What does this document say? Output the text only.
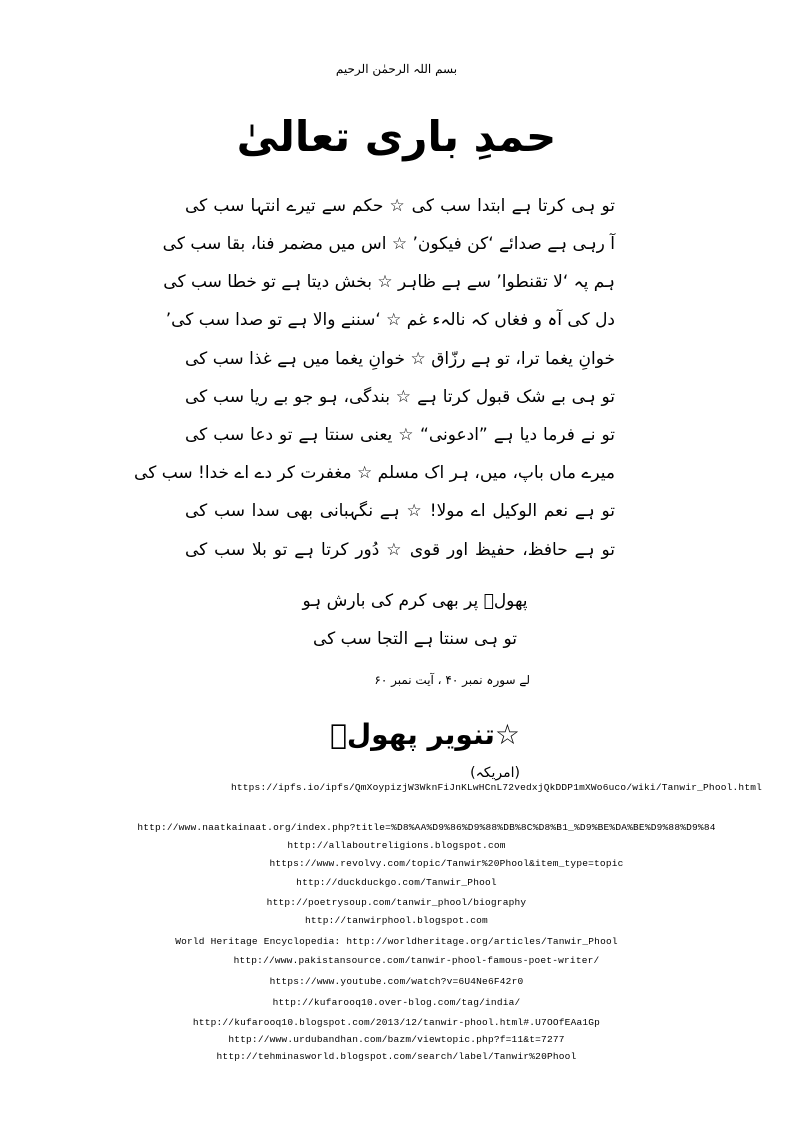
بسم اللہ الرحمٰن الرحیم
حمدِ باری تعالیٰ
تو ہی کرتا ہے ابتدا سب کی ☆ حکم سے تیرے انتہا سب کی
آ رہی ہے صدائے ‘کن فیکون’ ☆ اس میں مضمر فنا، بقا سب کی
ہم پہ ‘لا تقنطوا’ سے ہے ظاہر ☆ بخش دیتا ہے تو خطا سب کی
دل کی آہ و فغاں کہ نالہء غم ☆ ‘سننے والا ہے تو صدا سب کی’
خوانِ یغما ترا، تو ہے رزّاق ☆ خوانِ یغما میں ہے غذا سب کی
تو ہی بے شک قبول کرتا ہے ☆ بندگی، ہو جو بے ریا سب کی
تو نے فرما دیا ہے ”ادعونی“ ☆ یعنی سنتا ہے تو دعا سب کی
میرے ماں باپ، میں، ہر اک مسلم ☆ مغفرت کر دے اے خدا! سب کی
تو ہے نعم الوکیل اے مولا! ☆ ہے نگہبانی بھی سدا سب کی
تو ہے حافظ، حفیظ اور قوی ☆ دُور کرتا ہے تو بلا سب کی
پھولؔ پر بھی کرم کی بارش ہو
تو ہی سنتا ہے التجا سب کی
لے سورہ نمبر ۴۰ ، آیت نمبر ۶۰
☆تنویر پھولؔ (امریکہ)
https://ipfs.io/ipfs/QmXoypizjW3WknFiJnKLwHCnL72vedxjQkDDP1mXWo6uco/wiki/Tanwir_Phool.html
http://www.naatkainaat.org/index.php?title=%D8%AA%D9%86%D9%88%DB%8C%D8%B1_%D9%BE%DA%BE%D9%88%D9%84
http://allaboutreligions.blogspot.com
https://www.revolvy.com/topic/Tanwir%20Phool&item_type=topic
http://duckduckgo.com/Tanwir_Phool
http://poetrysoup.com/tanwir_phool/biography
http://tanwirphool.blogspot.com
World Heritage Encyclopedia: http://worldheritage.org/articles/Tanwir_Phool
http://www.pakistansource.com/tanwir-phool-famous-poet-writer/
https://www.youtube.com/watch?v=6U4Ne6F42r0
http://kufarooq10.over-blog.com/tag/india/
http://kufarooq10.blogspot.com/2013/12/tanwir-phool.html#.U7OOfEAa1Gp
http://www.urdubandhan.com/bazm/viewtopic.php?f=11&t=7277
http://tehminasworld.blogspot.com/search/label/Tanwir%20Phool
